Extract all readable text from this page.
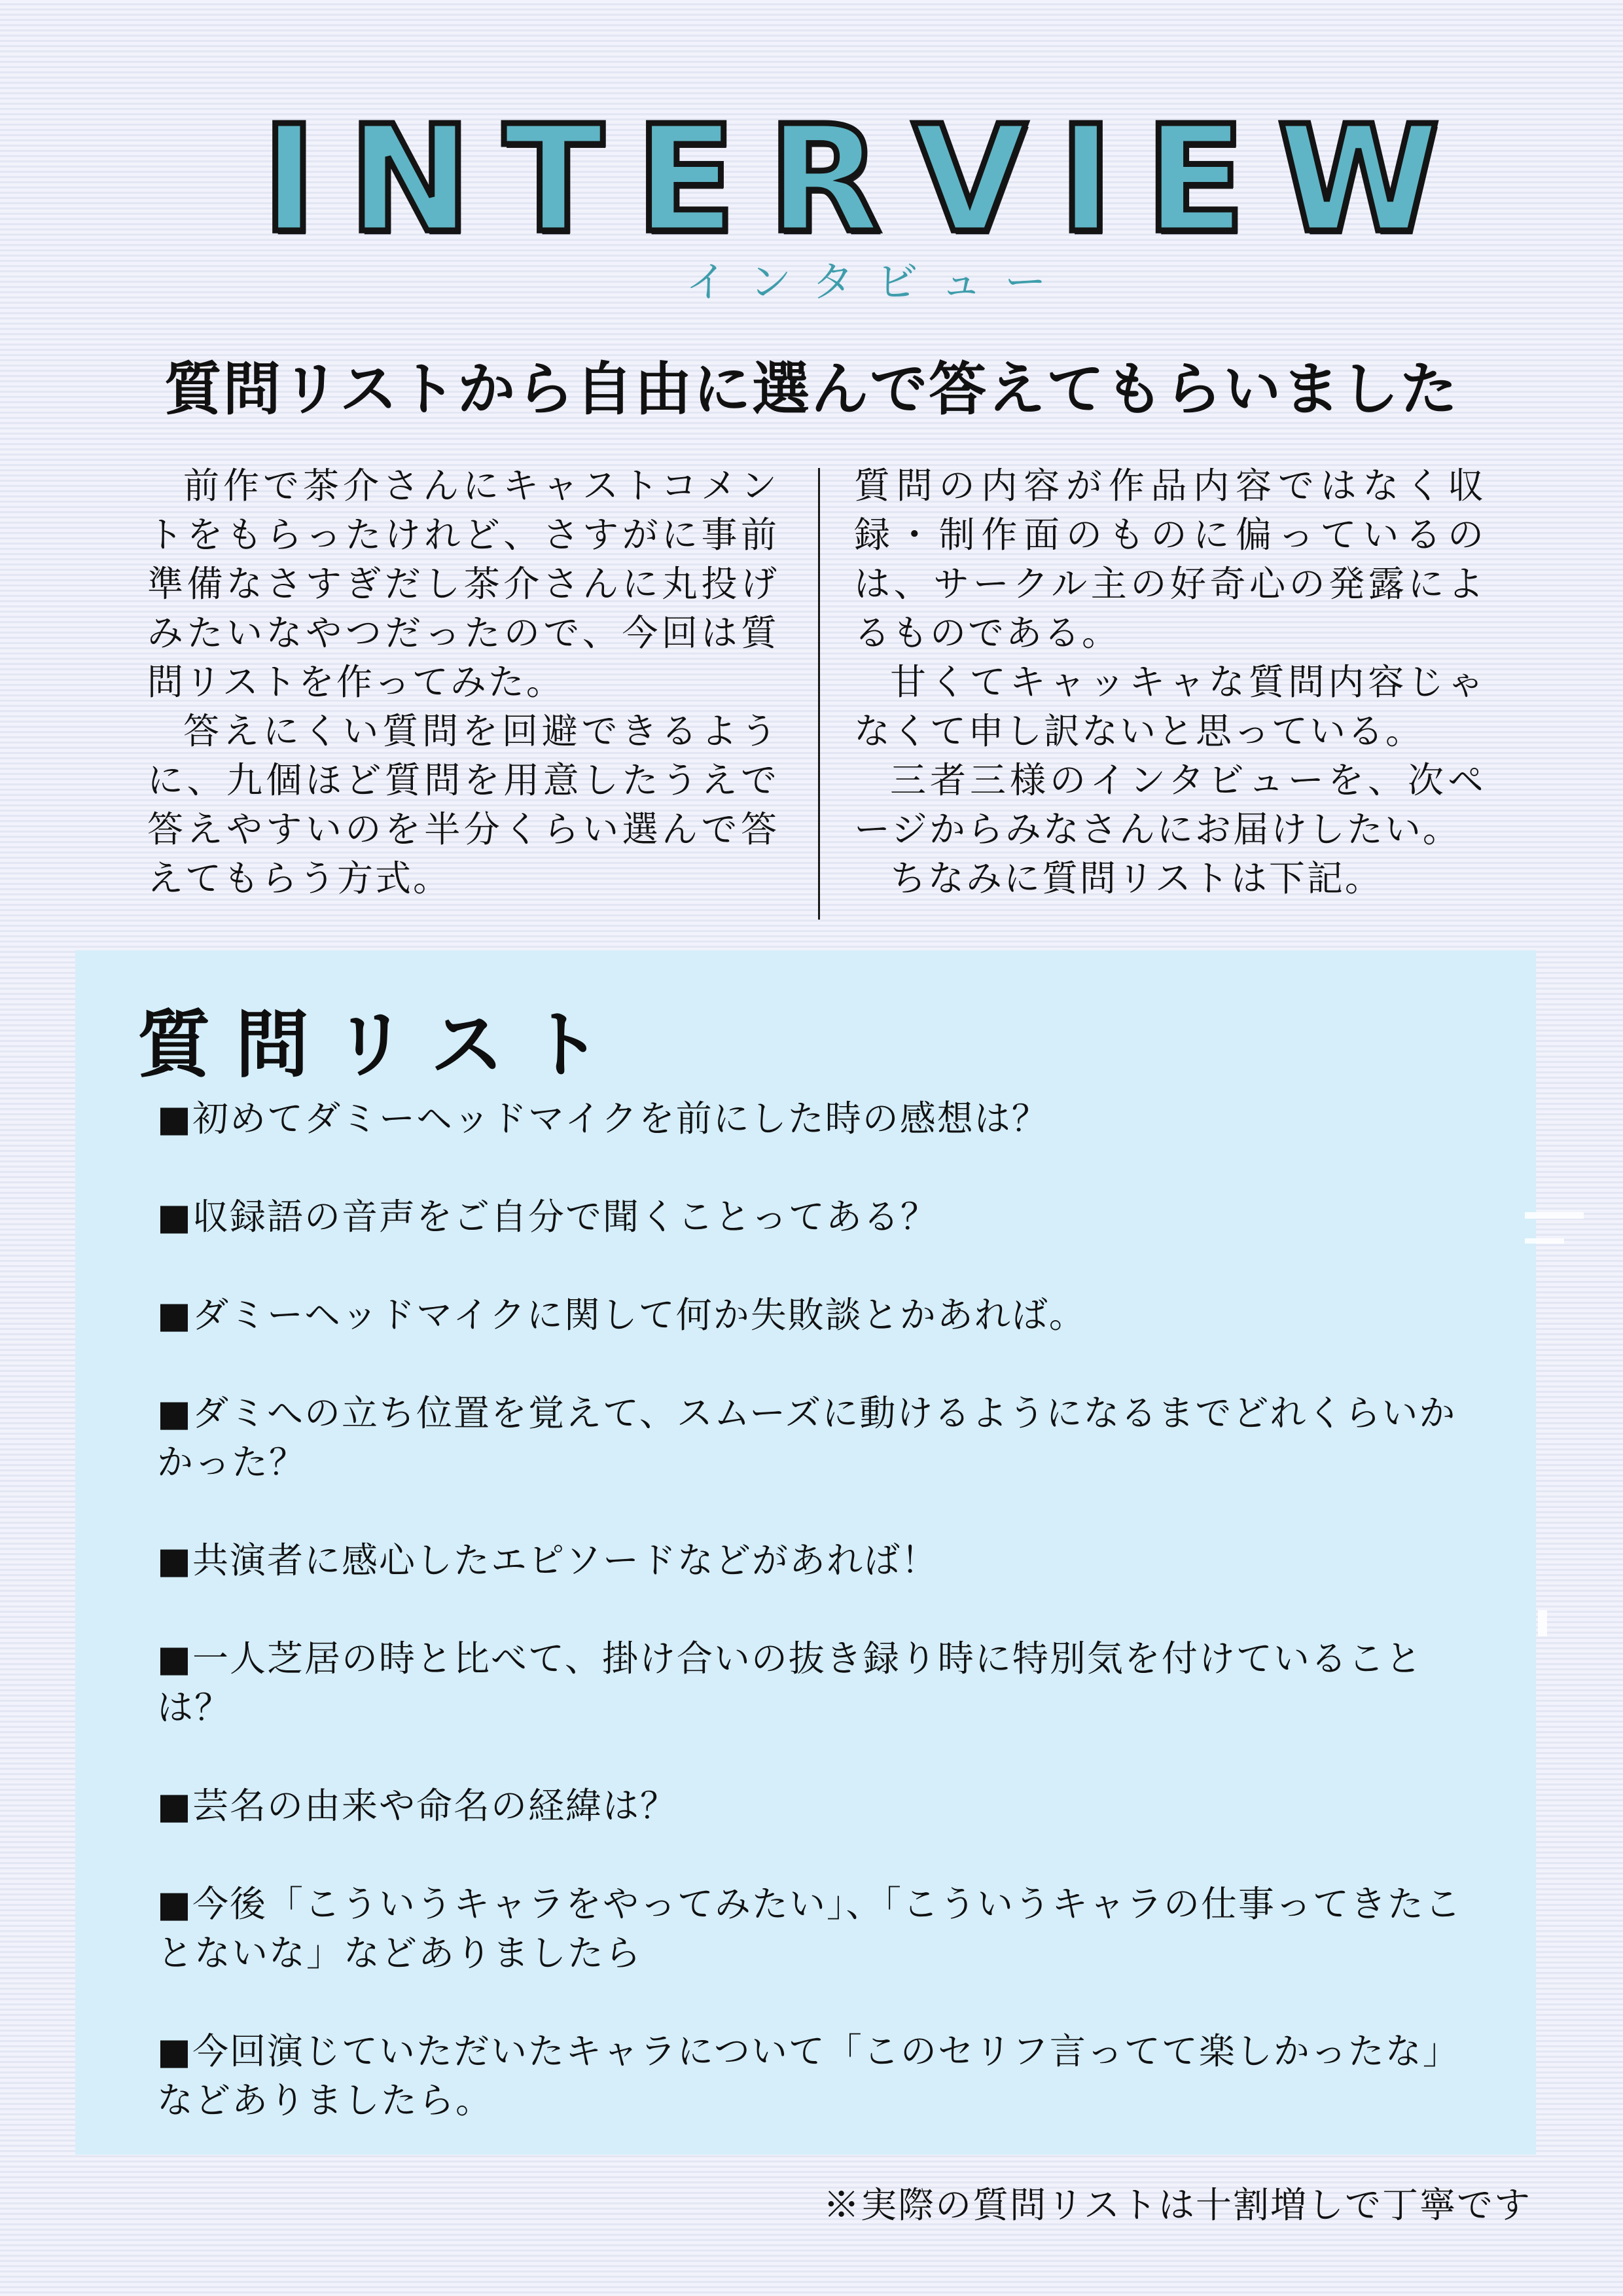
I N T E R V I E W
インタビュー
質問リストから自由に選んで答えてもらいました

前作で茶介さんにキャストコメントをもらったけれど、さすがに事前準備なさすぎだし茶介さんに丸投げみたいなやつだったので、今回は質問リストを作ってみた。

答えにくい質問を回避できるように、九個ほど質問を用意したうえで答えやすいのを半分くらい選んで答えてもらう方式。

質問の内容が作品内容ではなく収録・制作面のものに偏っているのは、サークル主の好奇心の発露によるものである。

甘くてキャッキャな質問内容じゃなくて申し訳ないと思っている。

三者三様のインタビューを、次ページからみなさんにお届けしたい。

ちなみに質問リストは下記。

質問リスト
■ 初めてダミーヘッドマイクを前にした時の感想は？
■ 収録語の音声をご自分で聞くことってある？
■ ダミーヘッドマイクに関して何か失敗談とかあれば。
■ ダミへの立ち位置を覚えて、スムーズに動けるようになるまでどれくらいかかった？
■ 共演者に感心したエピソードなどがあれば！
■ 一人芝居の時と比べて、掛け合いの抜き録り時に特別気を付けていることは？
■ 芸名の由来や命名の経緯は？
■ 今後「こういうキャラをやってみたい」、「こういうキャラの仕事ってきたことないな」などありましたら
■ 今回演じていただいたキャラについて「このセリフ言ってて楽しかったな」などありましたら。
※実際の質問リストは十割増しで丁寧です
